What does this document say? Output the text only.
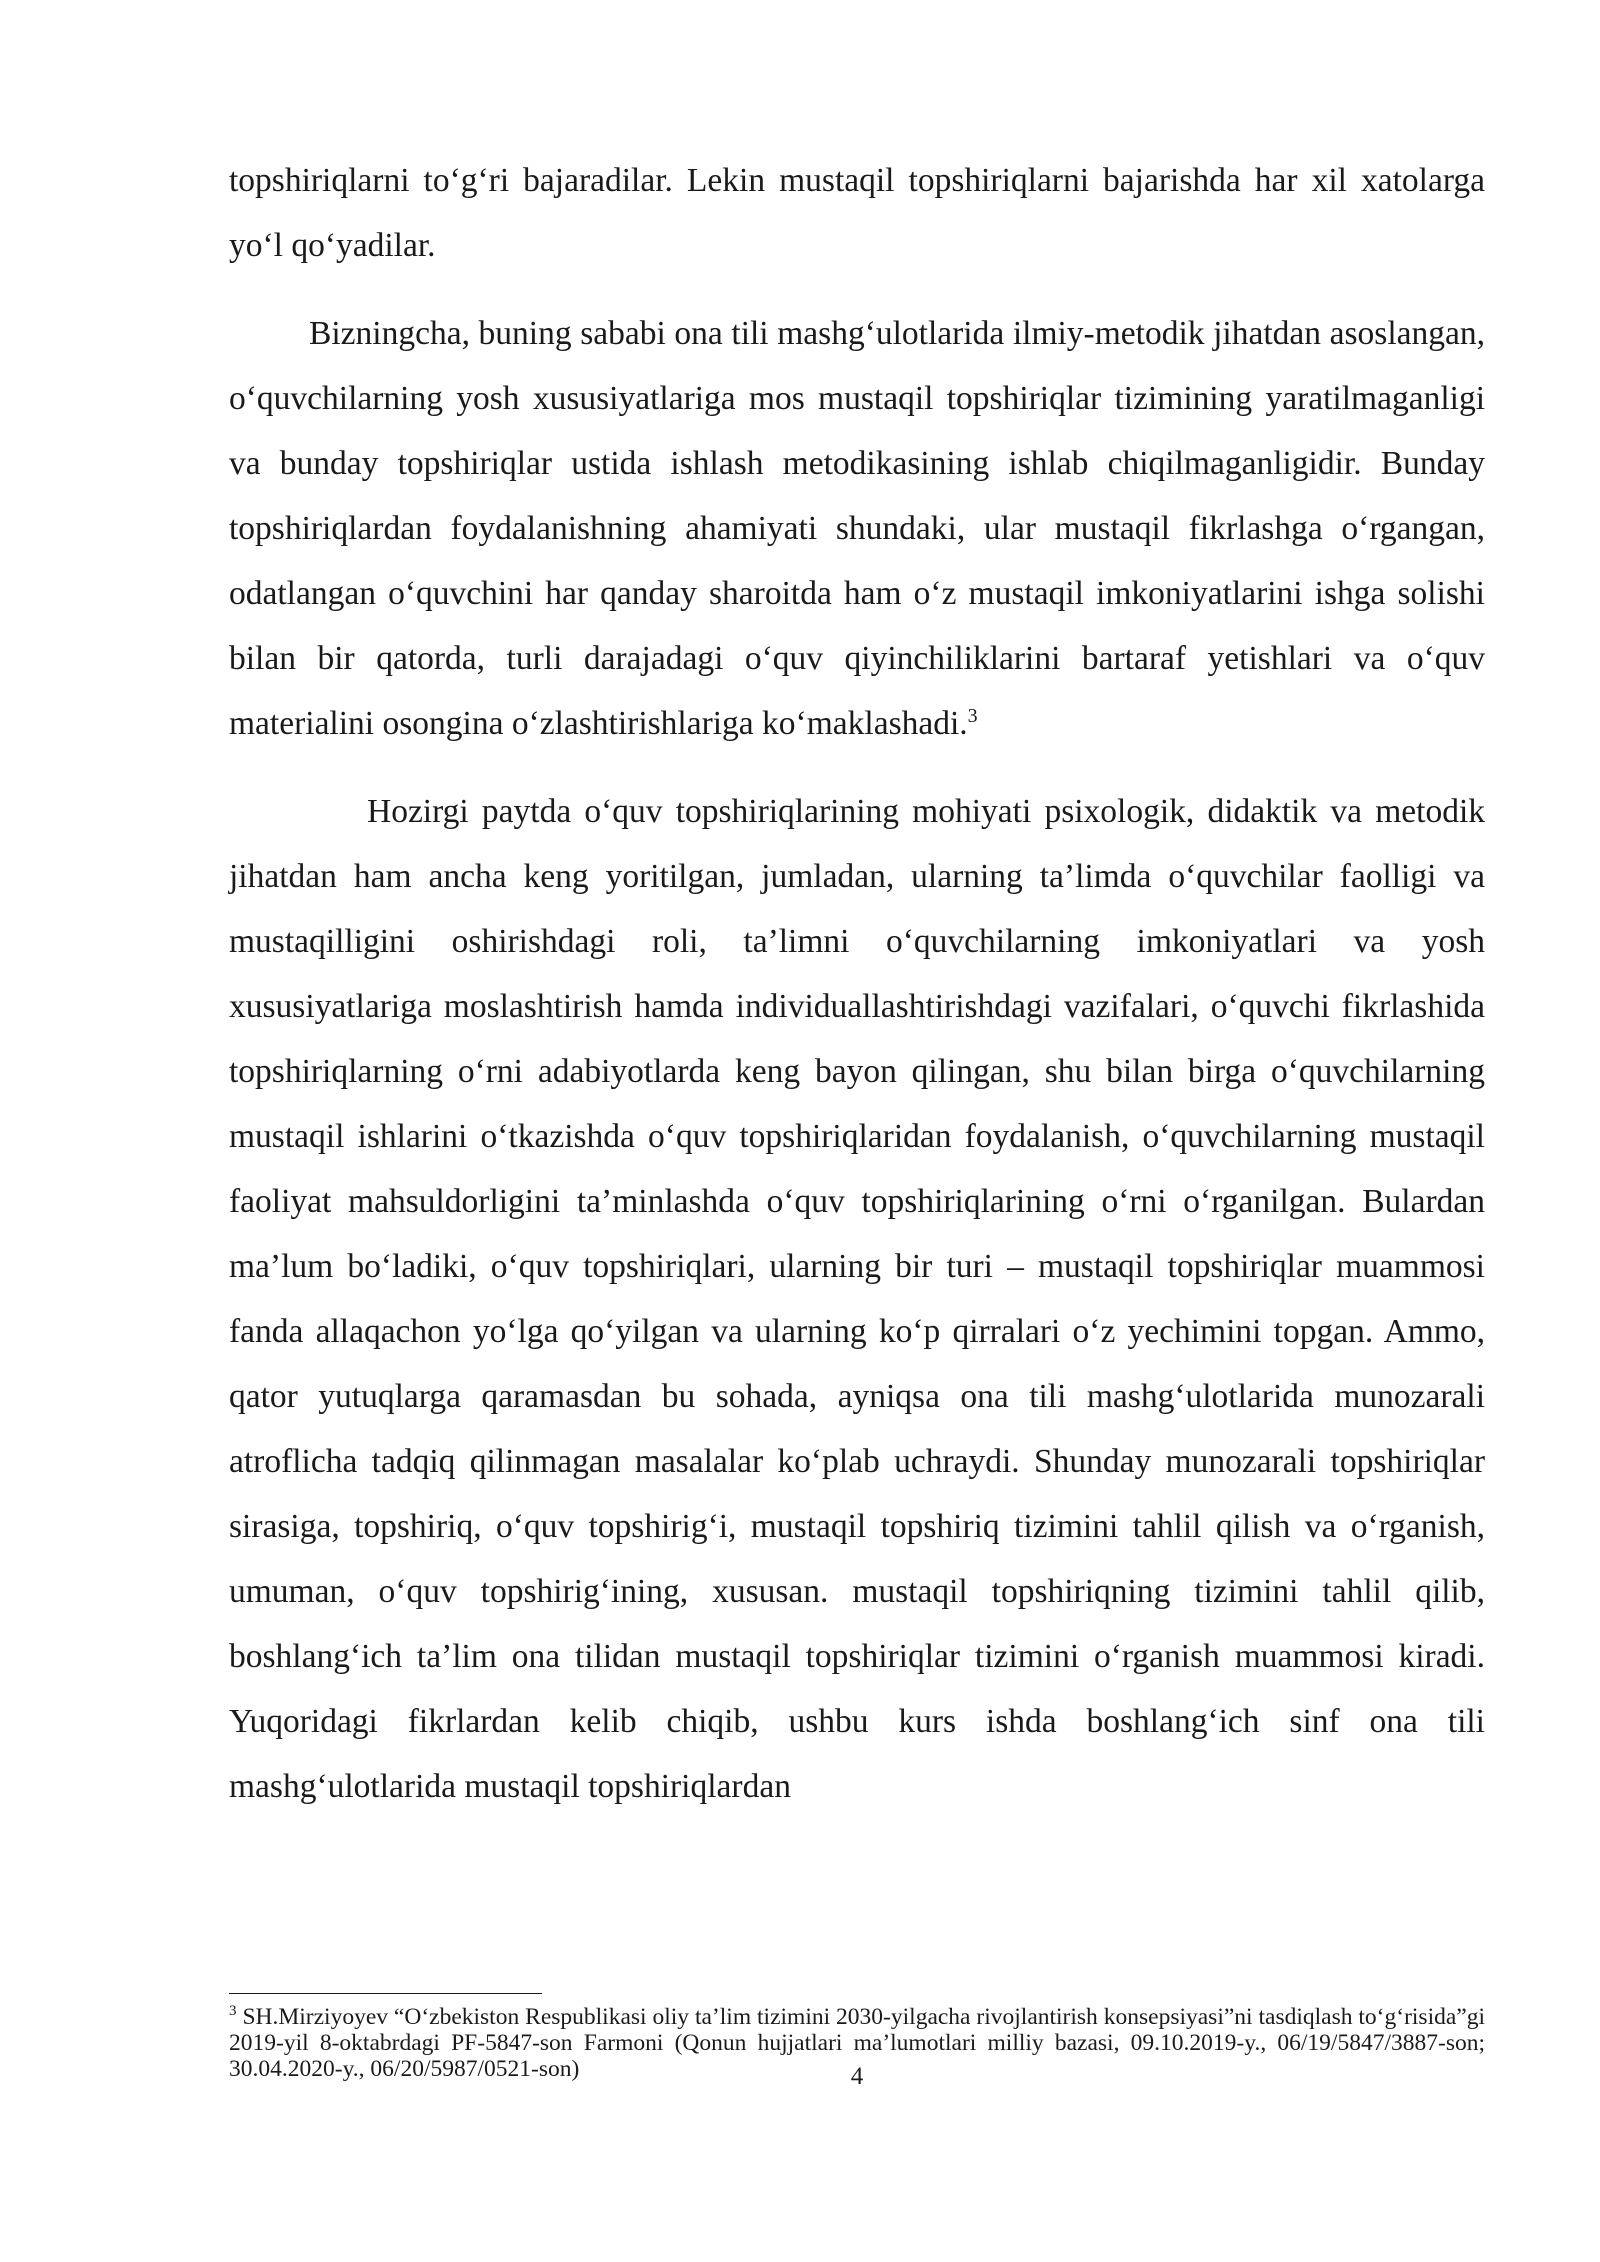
topshiriqlarni to‘g‘ri bajaradilar. Lekin mustaqil topshiriqlarni bajarishda har xil xatolarga yo‘l qo‘yadilar.

Bizningcha, buning sababi ona tili mashg‘ulotlarida ilmiy-metodik jihatdan asoslangan, o‘quvchilarning yosh xususiyatlariga mos mustaqil topshiriqlar tizimining yaratilmaganligi va bunday topshiriqlar ustida ishlash metodikasining ishlab chiqilmaganligidir. Bunday topshiriqlardan foydalanishning ahamiyati shundaki, ular mustaqil fikrlashga o‘rgangan, odatlangan o‘quvchini har qanday sharoitda ham o‘z mustaqil imkoniyatlarini ishga solishi bilan bir qatorda, turli darajadagi o‘quv qiyinchiliklarini bartaraf yetishlari va o‘quv materialini osongina o‘zlashtirishlariga ko‘maklashadi.$^3$

Hozirgi paytda o‘quv topshiriqlarining mohiyati psixologik, didaktik va metodik jihatdan ham ancha keng yoritilgan, jumladan, ularning ta’limda o‘quvchilar faolligi va mustaqilligini oshirishdagi roli, ta’limni o‘quvchilarning imkoniyatlari va yosh xususiyatlariga moslashtirish hamda individuallashtirishdagi vazifalari, o‘quvchi fikrlashida topshiriqlarning o‘rni adabiyotlarda keng bayon qilingan, shu bilan birga o‘quvchilarning mustaqil ishlarini o‘tkazishda o‘quv topshiriqlaridan foydalanish, o‘quvchilarning mustaqil faoliyat mahsuldorligini ta’minlashda o‘quv topshiriqlarining o‘rni o‘rganilgan. Bulardan ma’lum bo‘ladiki, o‘quv topshiriqlari, ularning bir turi – mustaqil topshiriqlar muammosi fanda allaqachon yo‘lga qo‘yilgan va ularning ko‘p qirralari o‘z yechimini topgan. Ammo, qator yutuqlarga qaramasdan bu sohada, ayniqsa ona tili mashg‘ulotlarida munozarali atroflicha tadqiq qilinmagan masalalar ko‘plab uchraydi. Shunday munozarali topshiriqlar sirasiga, topshiriq, o‘quv topshirig‘i, mustaqil topshiriq tizimini tahlil qilish va o‘rganish, umuman, o‘quv topshirig‘ining, xususan. mustaqil topshiriqning tizimini tahlil qilib, boshlang‘ich ta’lim ona tilidan mustaqil topshiriqlar tizimini o‘rganish muammosi kiradi. Yuqoridagi fikrlardan kelib chiqib, ushbu kurs ishda boshlang‘ich sinf ona tili mashg‘ulotlarida mustaqil topshiriqlardan

$^3$ SH.Mirziyoyev “O‘zbekiston Respublikasi oliy ta’lim tizimini 2030-yilgacha rivojlantirish konsepsiyasi”ni tasdiqlash to‘g‘risida”gi 2019-yil 8-oktabrdagi PF-5847-son Farmoni (Qonun hujjatlari ma’lumotlari milliy bazasi, 09.10.2019-y., 06/19/5847/3887-son; 30.04.2020-y., 06/20/5987/0521-son)	4
